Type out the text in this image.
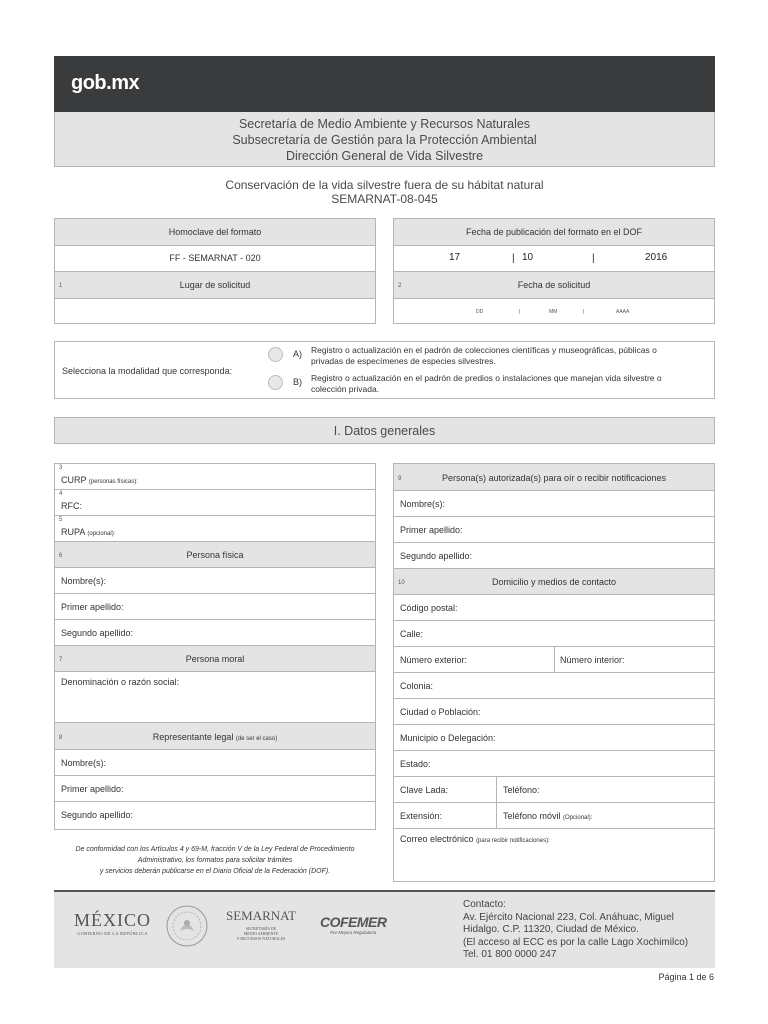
gob.mx
Secretaría de Medio Ambiente y Recursos Naturales
Subsecretaría de Gestión para la Protección Ambiental
Dirección General de Vida Silvestre
Conservación de la vida silvestre fuera de su hábitat natural
SEMARNAT-08-045
Homoclave del formato
FF - SEMARNAT - 020
1	Lugar de solicitud
Fecha de publicación del formato en el DOF
17	| 10	|	2016
2	Fecha de solicitud
DD	|	MM	|	AAAA
Selecciona la modalidad que corresponda:
A) Registro o actualización en el padrón de colecciones científicas y museográficas, públicas o
privadas de especímenes de especies silvestres.
B) Registro o actualización en el padrón de predios o instalaciones que manejan vida silvestre o
colección privada.
I. Datos generales
3
CURP (personas físicas):
4
RFC:
5
RUPA (opcional):
6	Persona física
Nombre(s):
Primer apellido:
Segundo apellido:
7	Persona moral
Denominación o razón social:
8	Representante legal (de ser el caso)
Nombre(s):
Primer apellido:
Segundo apellido:
De conformidad con los Artículos 4 y 69-M, fracción V de la Ley Federal de Procedimiento
Administrativo, los formatos para solicitar trámites
y servicios deberán publicarse en el Diario Oficial de la Federación (DOF).
9	Persona(s) autorizada(s) para oír o recibir notificaciones
Nombre(s):
Primer apellido:
Segundo apellido:
10	Domicilio y medios de contacto
Código postal:
Calle:
Número exterior:	Número interior:
Colonia:
Ciudad o Población:
Municipio o Delegación:
Estado:
Clave Lada:	Teléfono:
Extensión:	Teléfono móvil (Opcional):
Correo electrónico (para recibir notificaciones):
MÉXICO
GOBIERNO DE LA REPÚBLICA
SEMARNAT
SECRETARÍA DE
MEDIO AMBIENTE
Y RECURSOS NATURALES
COFEMER
Por Mejora Regulatoria
Contacto:
Av. Ejército Nacional 223, Col. Anáhuac, Miguel
Hidalgo. C.P. 11320, Ciudad de México.
(El acceso al ECC es por la calle Lago Xochimilco)
Tel. 01 800 0000 247
Página 1 de 6
